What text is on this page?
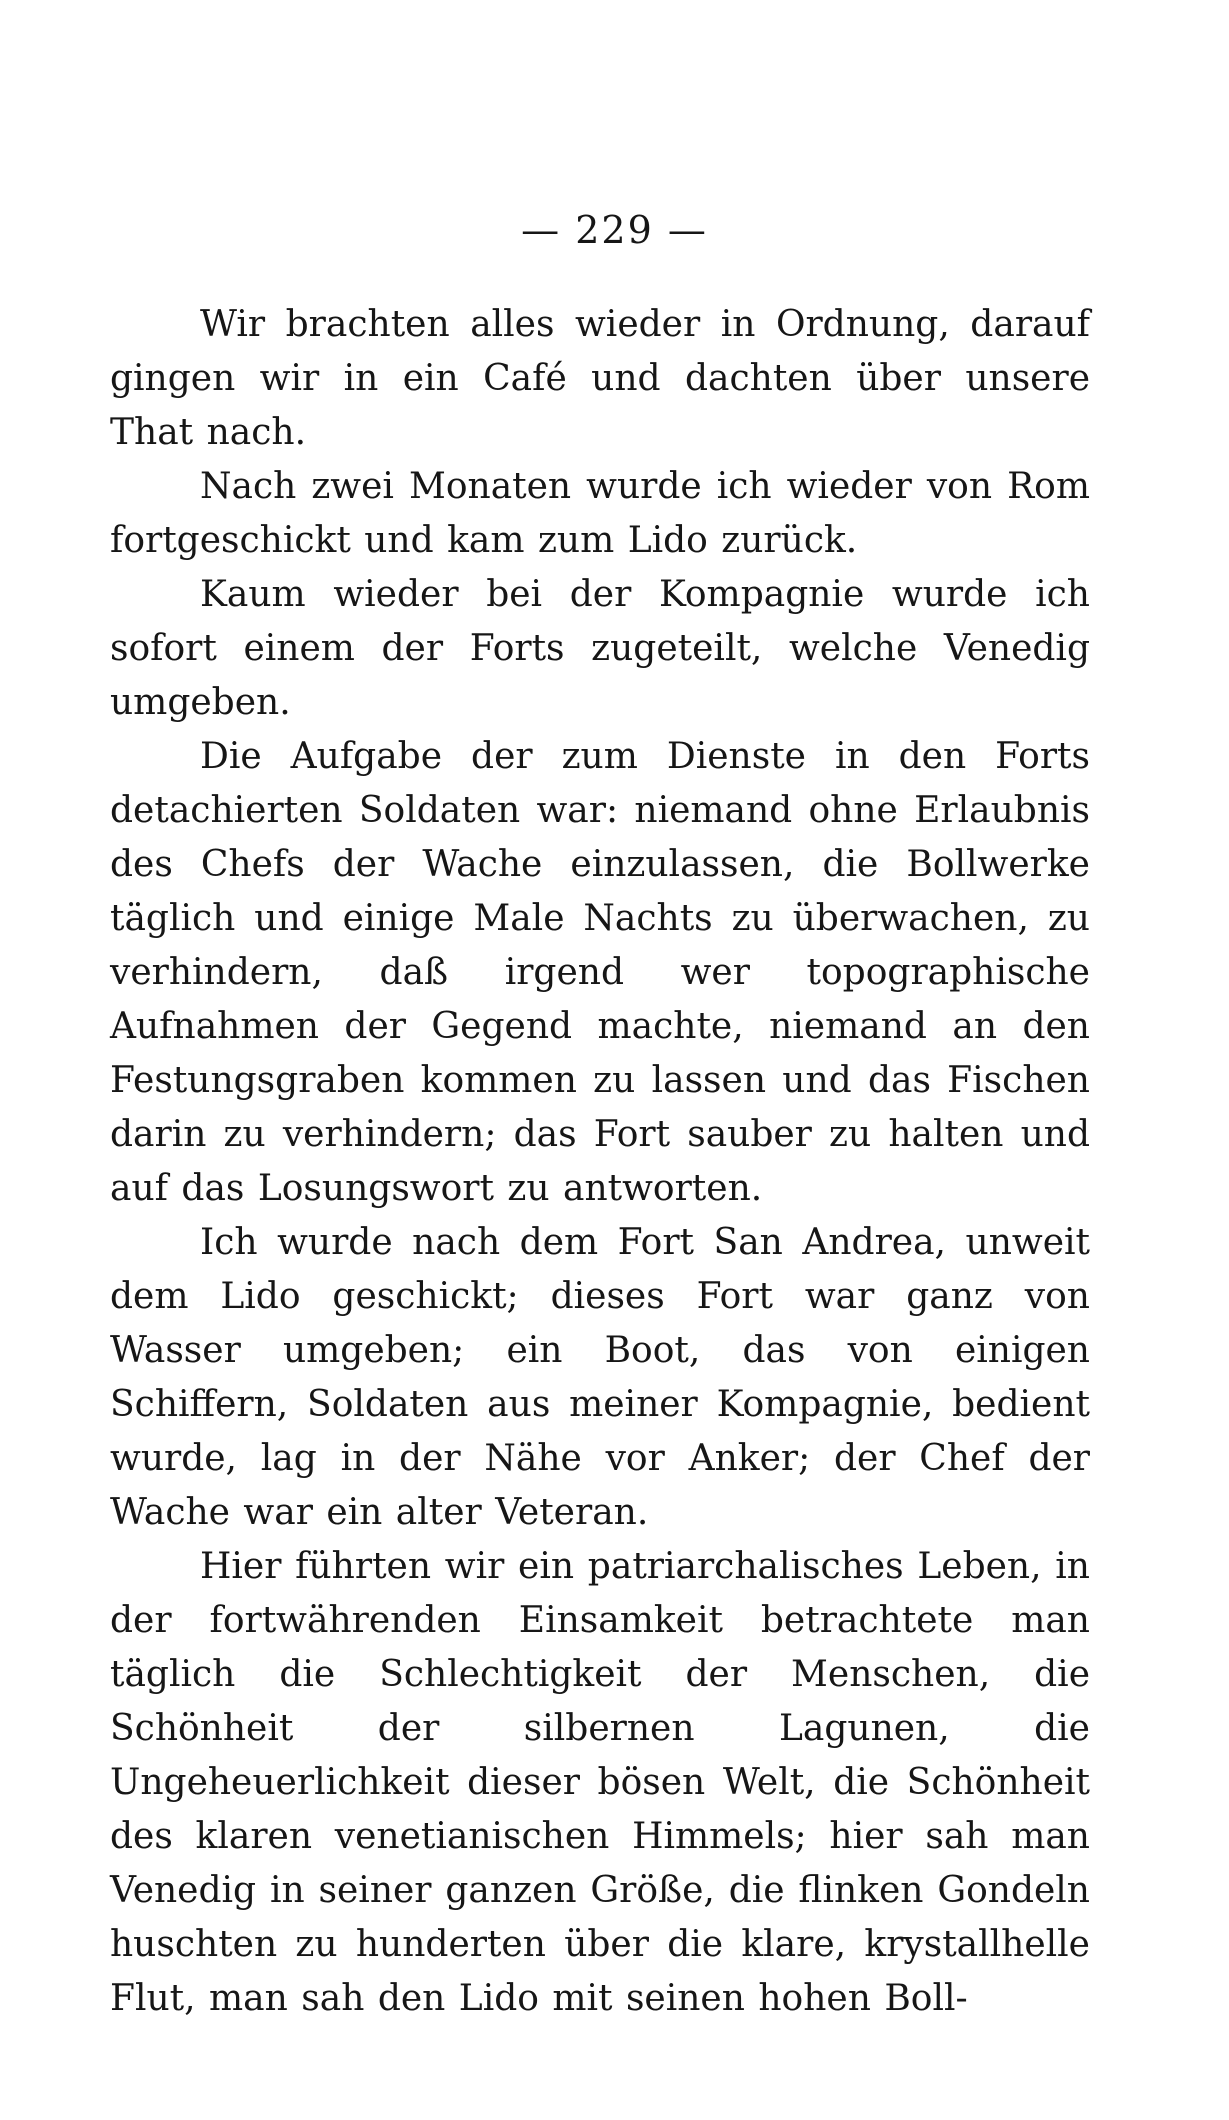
— 229 —

Wir brachten alles wieder in Ordnung, darauf gingen wir in ein Café und dachten über unsere That nach.

Nach zwei Monaten wurde ich wieder von Rom fortgeschickt und kam zum Lido zurück.

Kaum wieder bei der Kompagnie wurde ich sofort einem der Forts zugeteilt, welche Venedig umgeben.

Die Aufgabe der zum Dienste in den Forts detachierten Soldaten war: niemand ohne Erlaubnis des Chefs der Wache einzulassen, die Bollwerke täglich und einige Male Nachts zu überwachen, zu verhindern, daß irgend wer topographische Aufnahmen der Gegend machte, niemand an den Festungsgraben kommen zu lassen und das Fischen darin zu verhindern; das Fort sauber zu halten und auf das Losungswort zu antworten.

Ich wurde nach dem Fort San Andrea, unweit dem Lido geschickt; dieses Fort war ganz von Wasser umgeben; ein Boot, das von einigen Schiffern, Soldaten aus meiner Kompagnie, bedient wurde, lag in der Nähe vor Anker; der Chef der Wache war ein alter Veteran.

Hier führten wir ein patriarchalisches Leben, in der fortwährenden Einsamkeit betrachtete man täglich die Schlechtigkeit der Menschen, die Schönheit der silbernen Lagunen, die Ungeheuerlichkeit dieser bösen Welt, die Schönheit des klaren venetianischen Himmels; hier sah man Venedig in seiner ganzen Größe, die flinken Gondeln huschten zu hunderten über die klare, krystallhelle Flut, man sah den Lido mit seinen hohen Boll-
